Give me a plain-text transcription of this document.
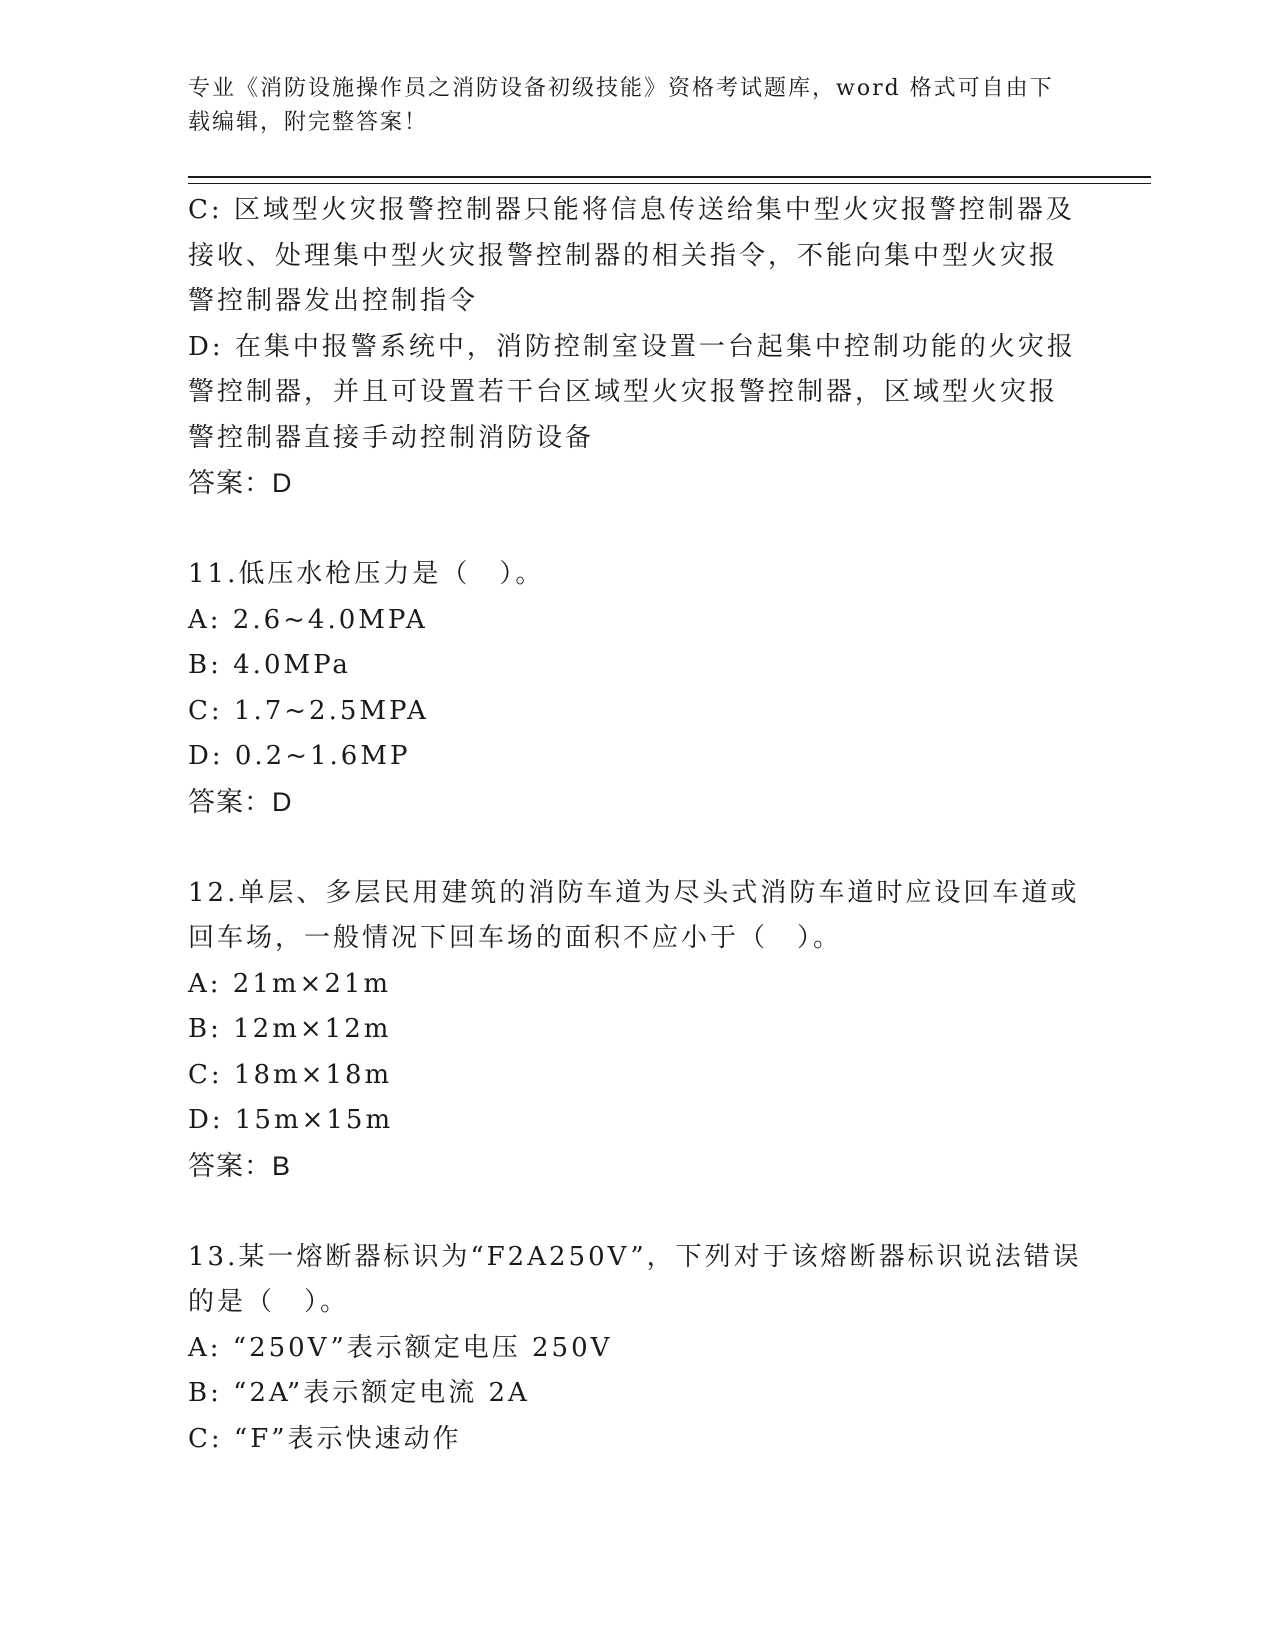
专业《消防设施操作员之消防设备初级技能》资格考试题库，word 格式可自由下

载编辑，附完整答案！

C: 区域型火灾报警控制器只能将信息传送给集中型火灾报警控制器及

接收、处理集中型火灾报警控制器的相关指令，不能向集中型火灾报

警控制器发出控制指令

D: 在集中报警系统中，消防控制室设置一台起集中控制功能的火灾报

警控制器，并且可设置若干台区域型火灾报警控制器，区域型火灾报

警控制器直接手动控制消防设备

答案：D

11.低压水枪压力是（　）。

A: 2.6~4.0MPA

B: 4.0MPa

C: 1.7~2.5MPA

D: 0.2~1.6MP

答案：D

12.单层、多层民用建筑的消防车道为尽头式消防车道时应设回车道或

回车场，一般情况下回车场的面积不应小于（　）。

A: 21m×21m

B: 12m×12m

C: 18m×18m

D: 15m×15m

答案：B

13.某一熔断器标识为“F2A250V”，下列对于该熔断器标识说法错误

的是（　）。

A: “250V”表示额定电压 250V

B: “2A”表示额定电流 2A

C: “F”表示快速动作
